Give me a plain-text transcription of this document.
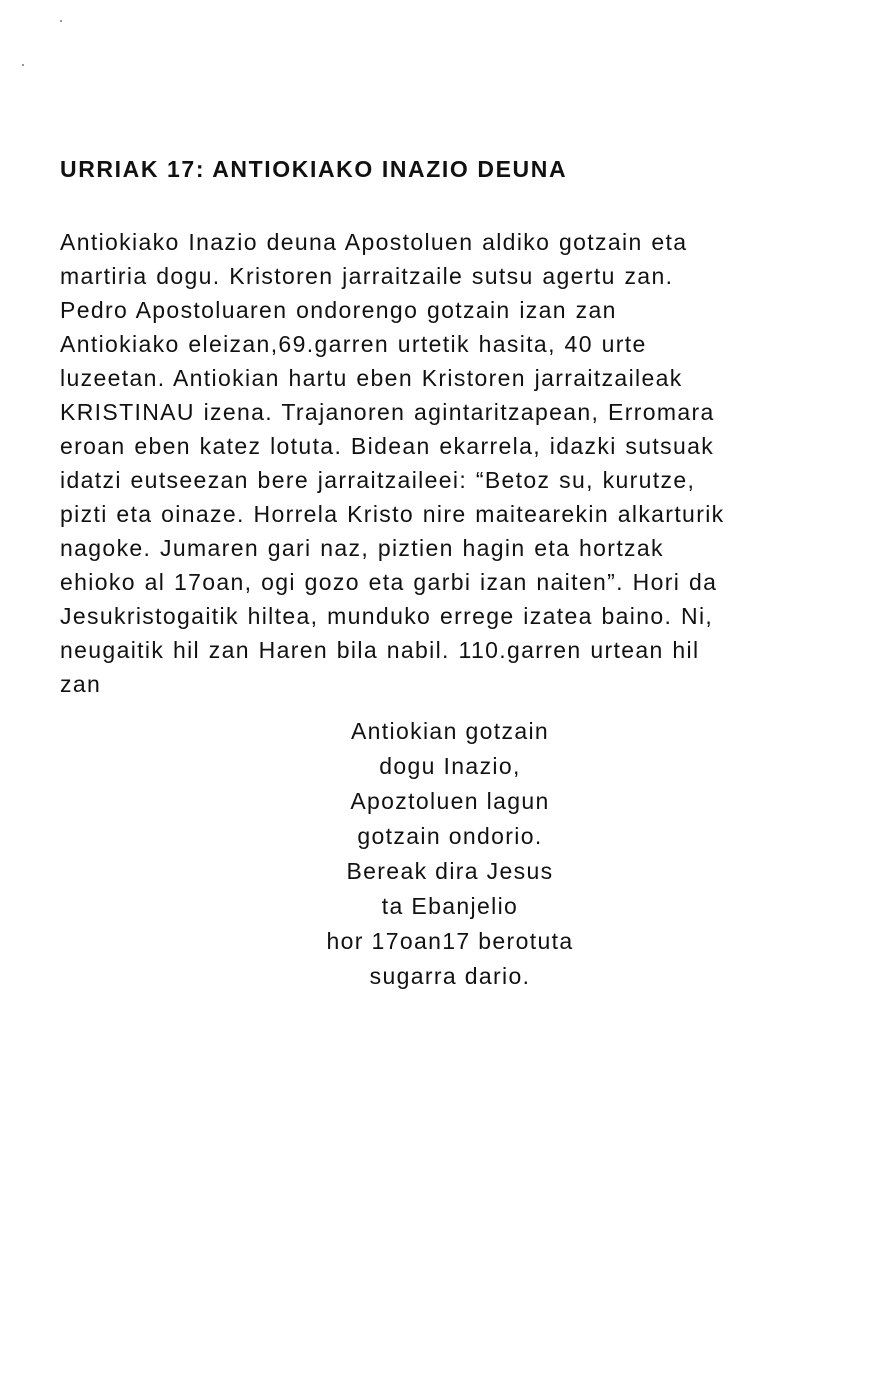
URRIAK 17: ANTIOKIAKO INAZIO DEUNA
Antiokiako Inazio deuna Apostoluen aldiko gotzain eta
martiria dogu. Kristoren jarraitzaile sutsu agertu zan.
Pedro Apostoluaren ondorengo gotzain izan zan
Antiokiako eleizan,69.garren urtetik hasita, 40 urte
luzeetan. Antiokian hartu eben Kristoren jarraitzaileak
KRISTINAU izena. Trajanoren agintaritzapean, Erromara
eroan eben katez lotuta. Bidean ekarrela, idazki sutsuak
idatzi eutseezan bere jarraitzaileei: “Betoz su, kurutze,
pizti eta oinaze. Horrela Kristo nire maitearekin alkarturik
nagoke. Jumaren gari naz, piztien hagin eta hortzak
ehioko al 17oan, ogi gozo eta garbi izan naiten”. Hori da
Jesukristogaitik hiltea, munduko errege izatea baino. Ni,
neugaitik hil zan Haren bila nabil. 110.garren urtean hil
zan
Antiokian gotzain
dogu Inazio,
Apoztoluen lagun
gotzain ondorio.
Bereak dira Jesus
ta Ebanjelio
hor 17oan17 berotuta
sugarra dario.
